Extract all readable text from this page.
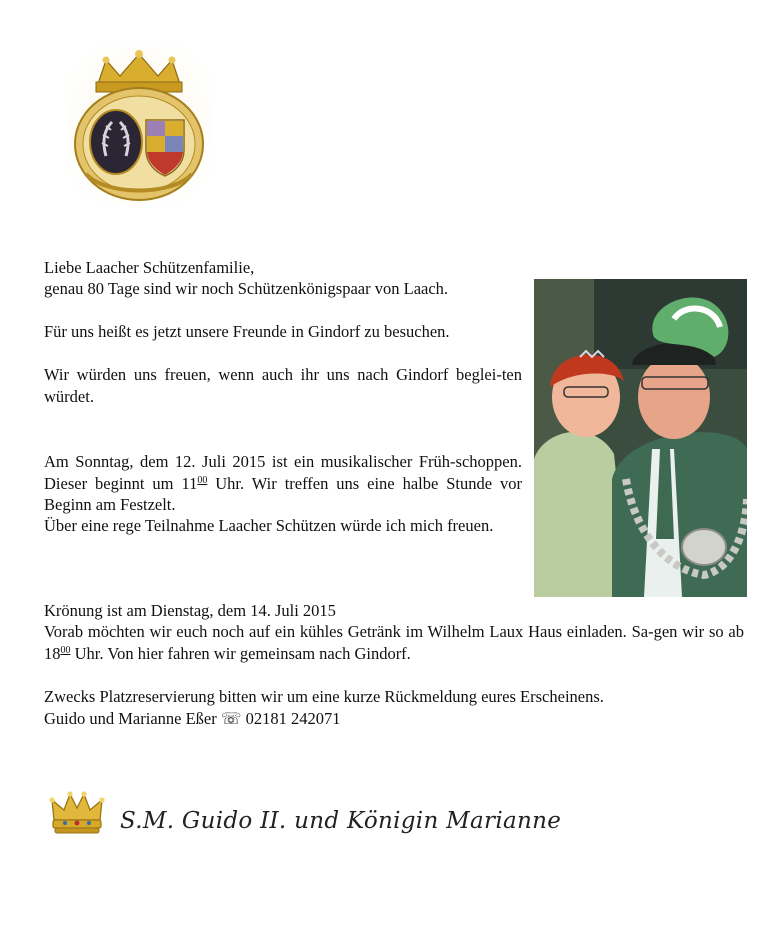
Liebe Laacher Schützenfamilie,

genau 80 Tage sind wir noch Schützenkönigspaar von Laach.

Für uns heißt es jetzt unsere Freunde in Gindorf zu besuchen.

Wir würden uns freuen, wenn auch ihr uns nach Gindorf beglei-ten würdet.

Am Sonntag, dem 12. Juli 2015 ist ein musikalischer Früh-schoppen. Dieser beginnt um $11^{00}$ Uhr. Wir treffen uns eine halbe Stunde vor Beginn am Festzelt.

Über eine rege Teilnahme Laacher Schützen würde ich mich freuen.

Krönung ist am Dienstag, dem 14. Juli 2015

Vorab möchten wir euch noch auf ein kühles Getränk im Wilhelm Laux Haus einladen. Sa-gen wir so ab $18^{00}$ Uhr. Von hier fahren wir gemeinsam nach Gindorf.

Zwecks Platzreservierung bitten wir um eine kurze Rückmeldung eures Erscheinens.

Guido und Marianne Eßer ☏ 02181 242071

S.M. Guido II. und Königin Marianne
